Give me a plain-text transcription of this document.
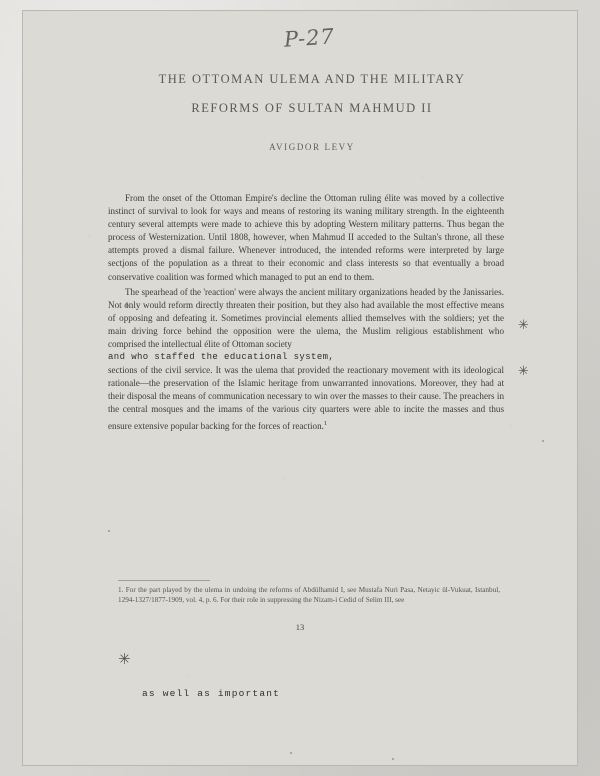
P-27
THE OTTOMAN ULEMA AND THE MILITARY
REFORMS OF SULTAN MAHMUD II
AVIGDOR LEVY

From the onset of the Ottoman Empire's decline the Ottoman ruling élite was moved by a collective instinct of survival to look for ways and means of restoring its waning military strength. In the eighteenth century several attempts were made to achieve this by adopting Western military patterns. Thus began the process of Westernization. Until 1808, however, when Mahmud II acceded to the Sultan's throne, all these attempts proved a dismal failure. Whenever introduced, the intended reforms were interpreted by large sections of the population as a threat to their economic and class interests so that eventually a broad conservative coalition was formed which managed to put an end to them.

The spearhead of the 'reaction' were always the ancient military organizations headed by the Janissaries. Not only would reform directly threaten their position, but they also had available the most effective means of opposing and defeating it. Sometimes provincial elements allied themselves with the soldiers; yet the main driving force behind the opposition were the ulema, the Muslim religious establishment who comprised the intellectual élite of Ottoman society
and who staffed the educational system,
sections of the civil service. It was the ulema that provided the reactionary movement with its ideological rationale—the preservation of the Islamic heritage from unwarranted innovations. Moreover, they had at their disposal the means of communication necessary to win over the masses to their cause. The preachers in the central mosques and the imams of the various city quarters were able to incite the masses and thus ensure extensive popular backing for the forces of reaction.$^1$

✳
✳
✳

1. For the part played by the ulema in undoing the reforms of Abdülhamid I, see Mustafa Nuri Pasa, Netayic ül-Vukuat, Istanbul, 1294-1327/1877-1909, vol. 4, p. 6. For their role in suppressing the Nizam-i Cedid of Selim III, see

13
as well as important
